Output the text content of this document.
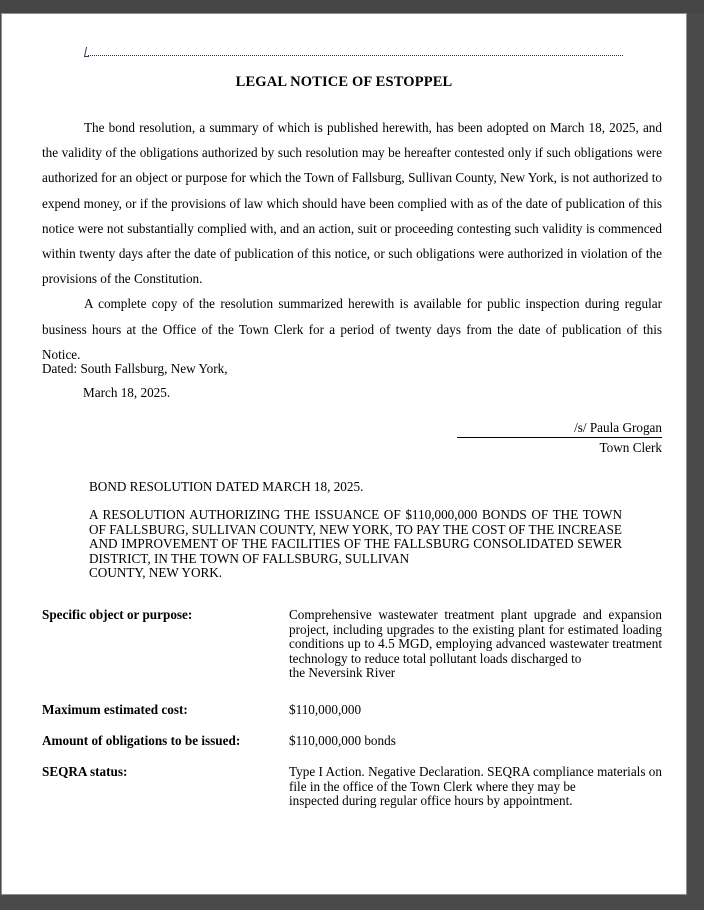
LEGAL NOTICE OF ESTOPPEL

The bond resolution, a summary of which is published herewith, has been adopted on March 18, 2025, and the validity of the obligations authorized by such resolution may be hereafter contested only if such obligations were authorized for an object or purpose for which the Town of Fallsburg, Sullivan County, New York, is not authorized to expend money, or if the provisions of law which should have been complied with as of the date of publication of this notice were not substantially complied with, and an action, suit or proceeding contesting such validity is commenced within twenty days after the date of publication of this notice, or such obligations were authorized in violation of the provisions of the Constitution.

A complete copy of the resolution summarized herewith is available for public inspection during regular business hours at the Office of the Town Clerk for a period of twenty days from the date of publication of this Notice.

Dated: South Fallsburg, New York,
March 18, 2025.
/s/ Paula Grogan
Town Clerk
BOND RESOLUTION DATED MARCH 18, 2025.
A RESOLUTION AUTHORIZING THE ISSUANCE OF $110,000,000 BONDS OF THE TOWN OF FALLSBURG, SULLIVAN COUNTY, NEW YORK, TO PAY THE COST OF THE INCREASE AND IMPROVEMENT OF THE FACILITIES OF THE FALLSBURG CONSOLIDATED SEWER DISTRICT, IN THE TOWN OF FALLSBURG, SULLIVAN
COUNTY, NEW YORK.
Specific object or purpose:	Comprehensive wastewater treatment plant upgrade and expansion project, including upgrades to the existing plant for estimated loading conditions up to 4.5 MGD, employing advanced wastewater treatment technology to reduce total pollutant loads discharged to
the Neversink River
Maximum estimated cost:	$110,000,000
Amount of obligations to be issued:	$110,000,000 bonds
SEQRA status:	Type I Action. Negative Declaration. SEQRA compliance materials on file in the office of the Town Clerk where they may be
inspected during regular office hours by appointment.
